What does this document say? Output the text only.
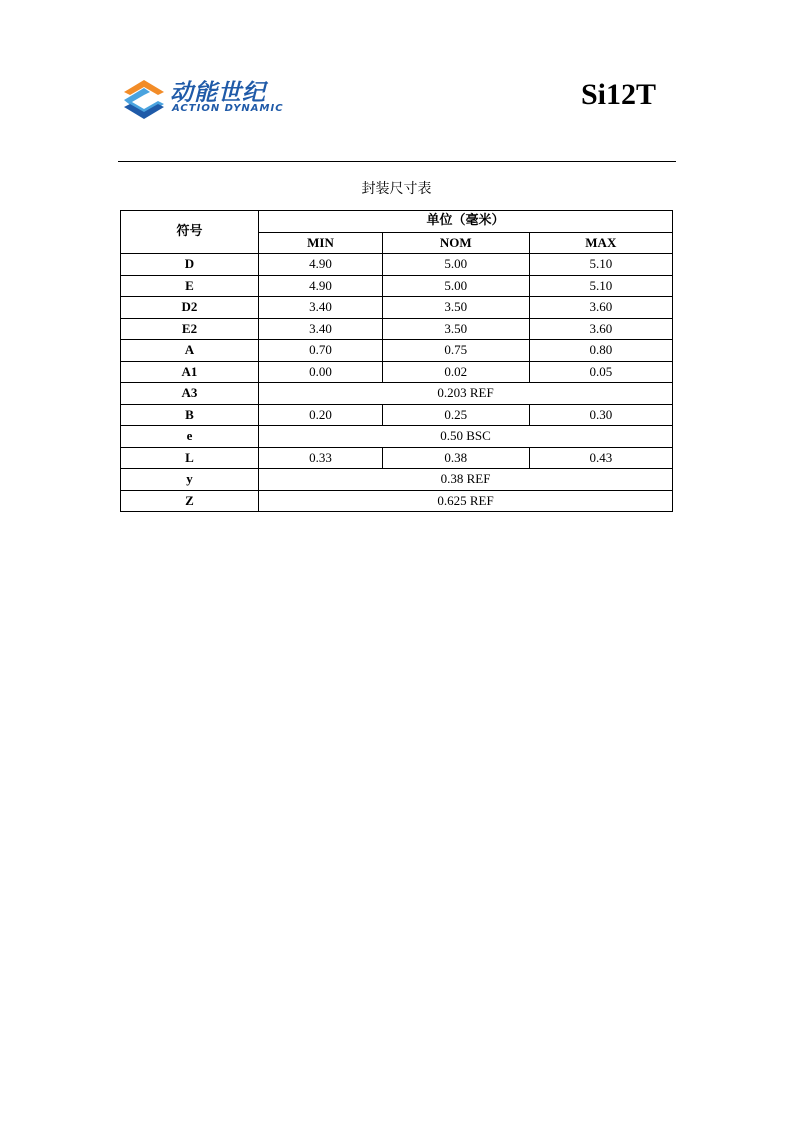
动能世纪
ACTION DYNAMIC	Si12T
封装尺寸表
符号	单位（毫米）		
	MIN	NOM	MAX
D	4.90	5.00	5.10
E	4.90	5.00	5.10
D2	3.40	3.50	3.60
E2	3.40	3.50	3.60
A	0.70	0.75	0.80
A1	0.00	0.02	0.05
A3	0.203 REF		
B	0.20	0.25	0.30
e	0.50 BSC		
L	0.33	0.38	0.43
y	0.38 REF		
Z	0.625 REF		
